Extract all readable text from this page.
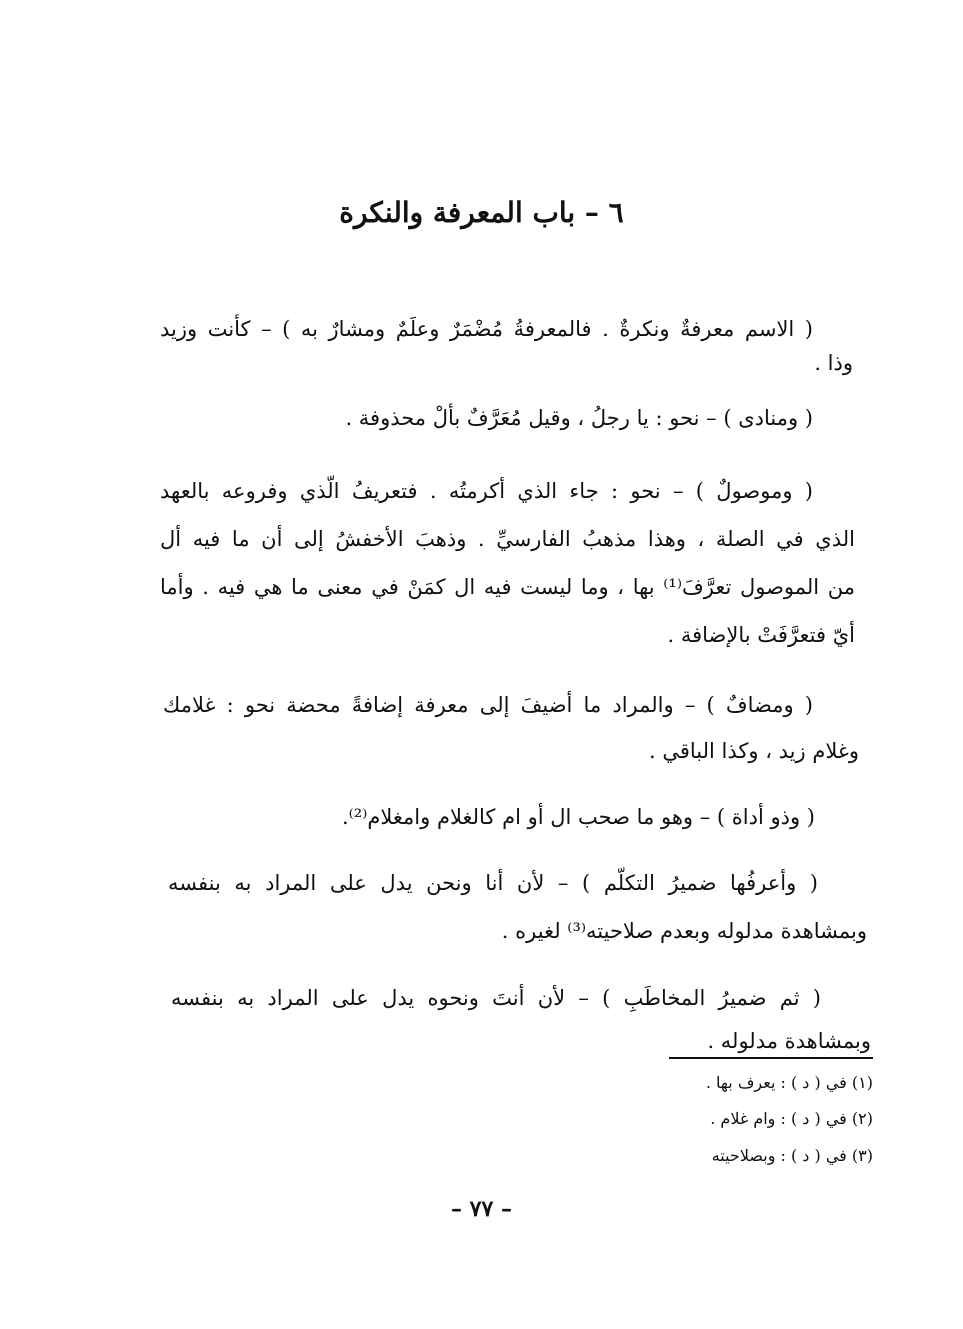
٦ – باب المعرفة والنكرة
( الاسم معرفةٌ ونكرةٌ . فالمعرفةُ مُضْمَرٌ وعلَمٌ ومشارٌ به ) – كأنت وزيد
وذا .
( ومنادى ) – نحو : يا رجلُ ، وقيل مُعَرَّفٌ بألْ محذوفة .
( وموصولٌ ) – نحو : جاء الذي أكرمتُه . فتعريفُ الّذي وفروعه بالعهد
الذي في الصلة ، وهذا مذهبُ الفارسيِّ . وذهبَ الأخفشُ إلى أن ما فيه أل
من الموصول تعرَّفَ⁽¹⁾ بها ، وما ليست فيه ال كمَنْ في معنى ما هي فيه . وأما
أيّ فتعرَّفَتْ بالإضافة .
( ومضافٌ ) – والمراد ما أضيفَ إلى معرفة إضافةً محضة نحو : غلامك
وغلام زيد ، وكذا الباقي .
( وذو أداة ) – وهو ما صحب ال أو ام كالغلام وامغلام⁽²⁾.
( وأعرفُها ضميرُ التكلّم ) – لأن أنا ونحن يدل على المراد به بنفسه
وبمشاهدة مدلوله وبعدم صلاحيته⁽³⁾ لغيره .
( ثم ضميرُ المخاطَبِ ) – لأن أنتَ ونحوه يدل على المراد به بنفسه
وبمشاهدة مدلوله .
(١) في ( د ) : يعرف بها .
(٢) في ( د ) : وام غلام .
(٣) في ( د ) : وبصلاحيته
– ٧٧ –
